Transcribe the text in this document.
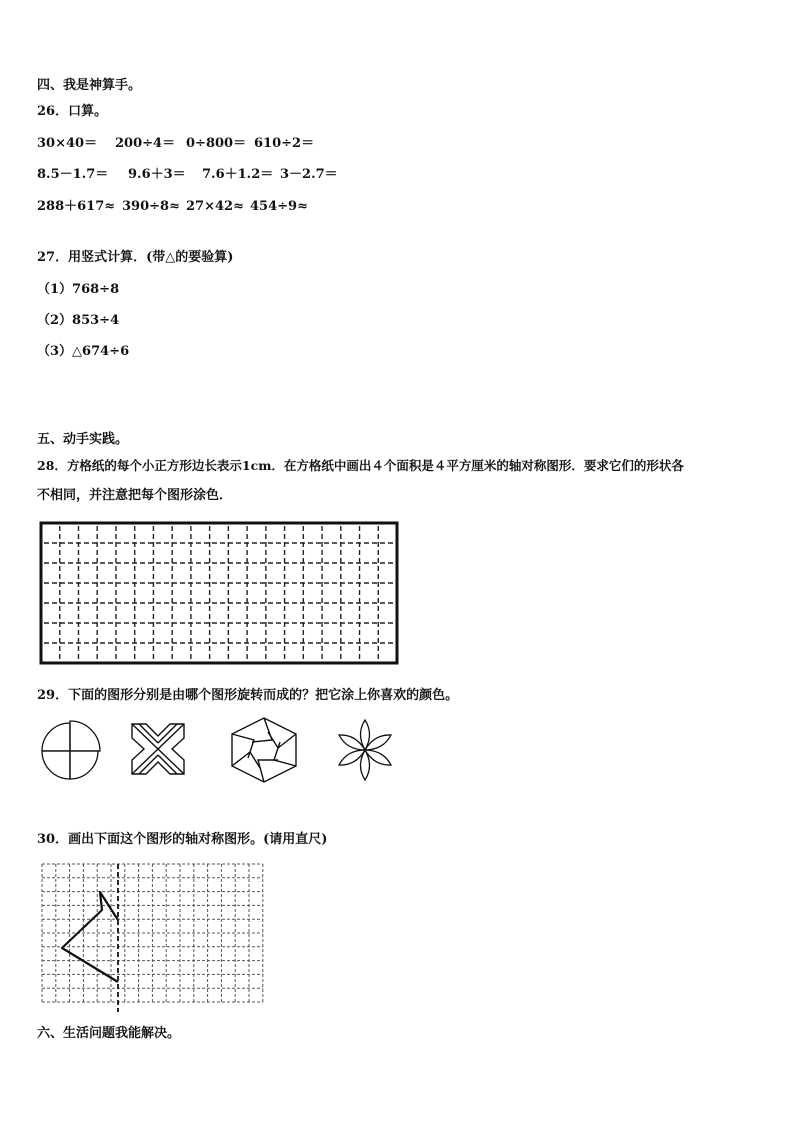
四、我是神算手。
26．口算。
30×40＝ 200÷4＝ 0÷800＝ 610÷2＝
8.5－1.7＝ 9.6＋3＝ 7.6＋1.2＝ 3－2.7＝
288＋617≈ 390÷8≈ 27×42≈ 454÷9≈
27．用竖式计算．(带△的要验算)
（1）768÷8
（2）853÷4
（3）△674÷6
五、动手实践。
28．方格纸的每个小正方形边长表示1cm．在方格纸中画出４个面积是４平方厘米的轴对称图形．要求它们的形状各
不相同，并注意把每个图形涂色．
29．下面的图形分别是由哪个图形旋转而成的？把它涂上你喜欢的颜色。
30．画出下面这个图形的轴对称图形。(请用直尺)
六、生活问题我能解决。
